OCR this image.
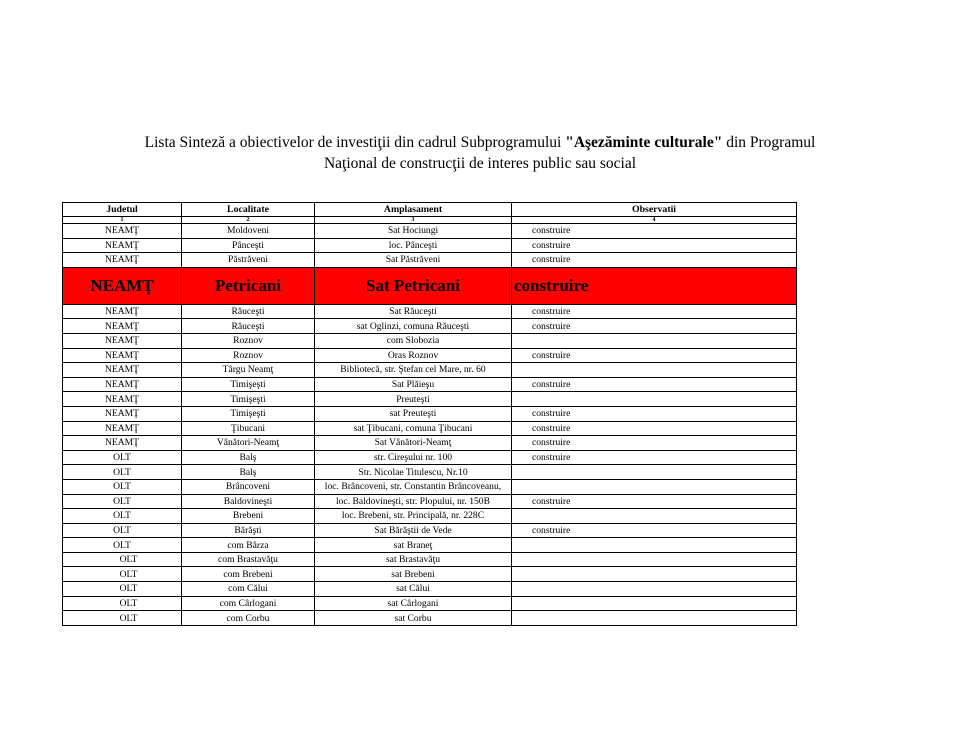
Lista Sinteză a obiectivelor de investiţii din cadrul Subprogramului "Aşezăminte culturale" din Programul
Naţional de construcţii de interes public sau social
Judetul	Localitate	Amplasament	Observatii
1	2	3	4
NEAMŢ	Moldoveni	Sat Hociungi	construire
NEAMŢ	Pânceşti	loc. Pânceşti	construire
NEAMŢ	Păstrăveni	Sat Păstrăveni	construire
NEAMŢ	Petricani	Sat Petricani	construire
NEAMŢ	Răuceşti	Sat Răuceşti	construire
NEAMŢ	Răuceşti	sat Oglinzi, comuna Răuceşti	construire
NEAMŢ	Roznov	com Slobozia	
NEAMŢ	Roznov	Oras Roznov	construire
NEAMŢ	Târgu Neamţ	Bibliotecă, str. Ştefan cel Mare, nr. 60	
NEAMŢ	Timişeşti	Sat Plăieşu	construire
NEAMŢ	Timişeşti	Preuteşti	
NEAMŢ	Timişeşti	sat Preuteşti	construire
NEAMŢ	Ţibucani	sat Ţibucani, comuna Ţibucani	construire
NEAMŢ	Vânători-Neamţ	Sat Vânători-Neamţ	construire
OLT	Balş	str. Cireşului nr. 100	construire
OLT	Balş	Str. Nicolae Titulescu, Nr.10	
OLT	Brâncoveni	loc. Brâncoveni, str. Constantin Brâncoveanu,	
OLT	Baldovineşti	loc. Baldovineşti, str. Plopului, nr. 150B	construire
OLT	Brebeni	loc. Brebeni, str. Principală, nr. 228C	
OLT	Bărăşti	Sat Bărăştii de Vede	construire
OLT	com Bârza	sat Braneţ	
OLT	com Brastavăţu	sat Brastavăţu	
OLT	com Brebeni	sat Brebeni	
OLT	com Călui	sat Călui	
OLT	com Cârlogani	sat Cârlogani	
OLT	com Corbu	sat Corbu	
